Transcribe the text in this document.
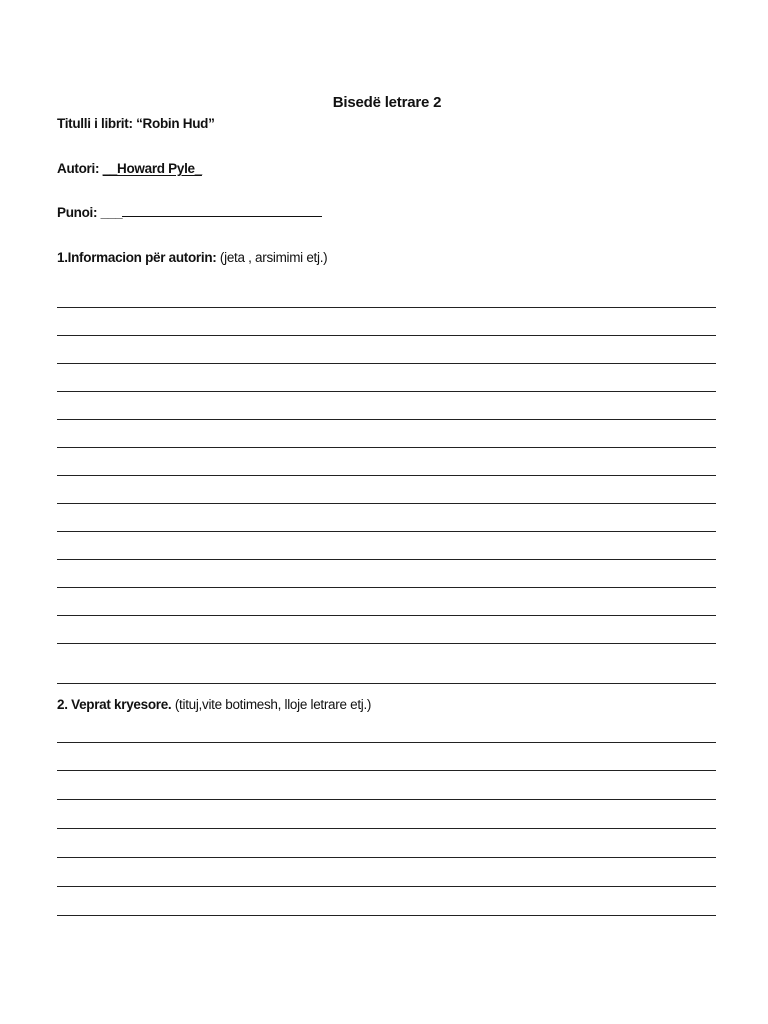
Bisedë letrare 2
Titulli i librit: “Robin Hud”
Autori: __Howard Pyle_
Punoi: ___
1.Informacion për autorin: (jeta , arsimimi etj.)
2. Veprat kryesore. (tituj,vite botimesh, lloje letrare etj.)
